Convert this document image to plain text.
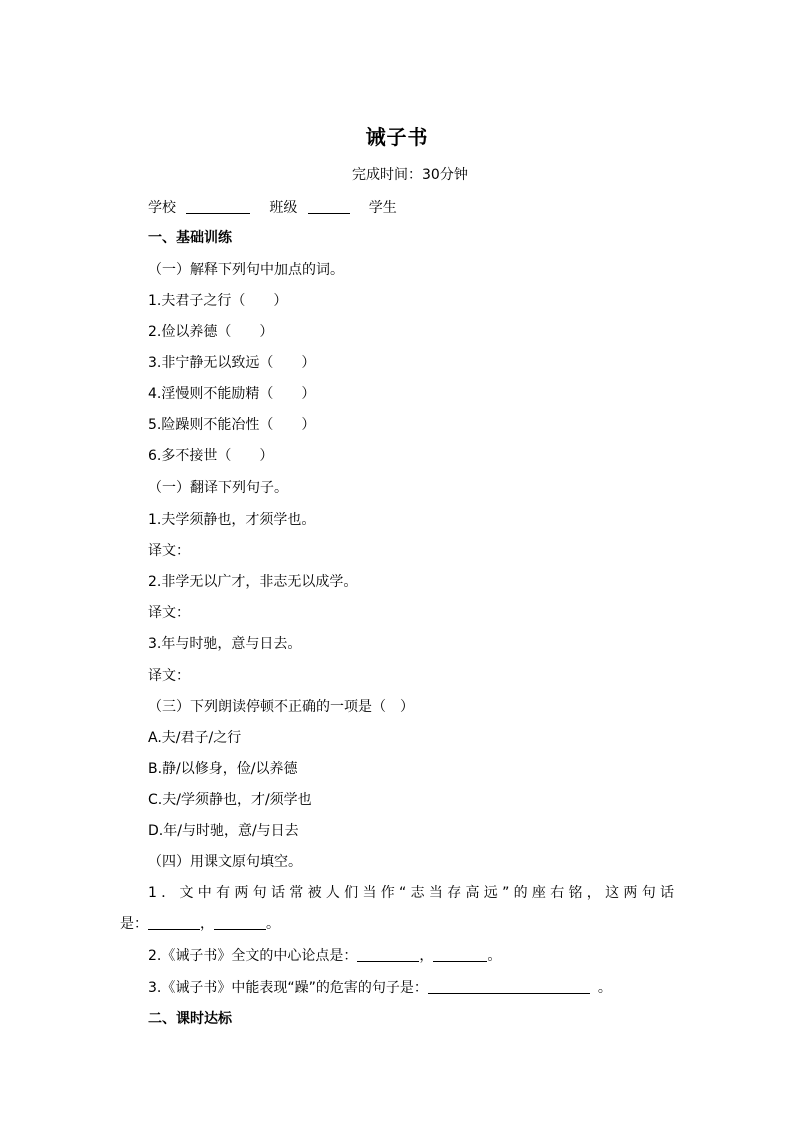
诫子书
完成时间：30分钟
学校	班级	学生
一、基础训练
（一）解释下列句中加点的词。
1.夫君子之行（　　）
2.俭以养德（　　）
3.非宁静无以致远（　　）
4.淫慢则不能励精（　　）
5.险躁则不能冶性（　　）
6.多不接世（　　）
（一）翻译下列句子。
1.夫学须静也，才须学也。
译文：
2.非学无以广才，非志无以成学。
译文：
3.年与时驰，意与日去。
译文：
（三）下列朗读停顿不正确的一项是（　）
A.夫/君子/之行
B.静/以修身，俭/以养德
C.夫/学须静也，才/须学也
D.年/与时驰，意/与日去
（四）用课文原句填空。
1．文中有两句话常被人们当作“志当存高远”的座右铭，这两句话
是：	，	。
2.《诫子书》全文的中心论点是：	，	。
3.《诫子书》中能表现“躁”的危害的句子是：	。
二、课时达标
